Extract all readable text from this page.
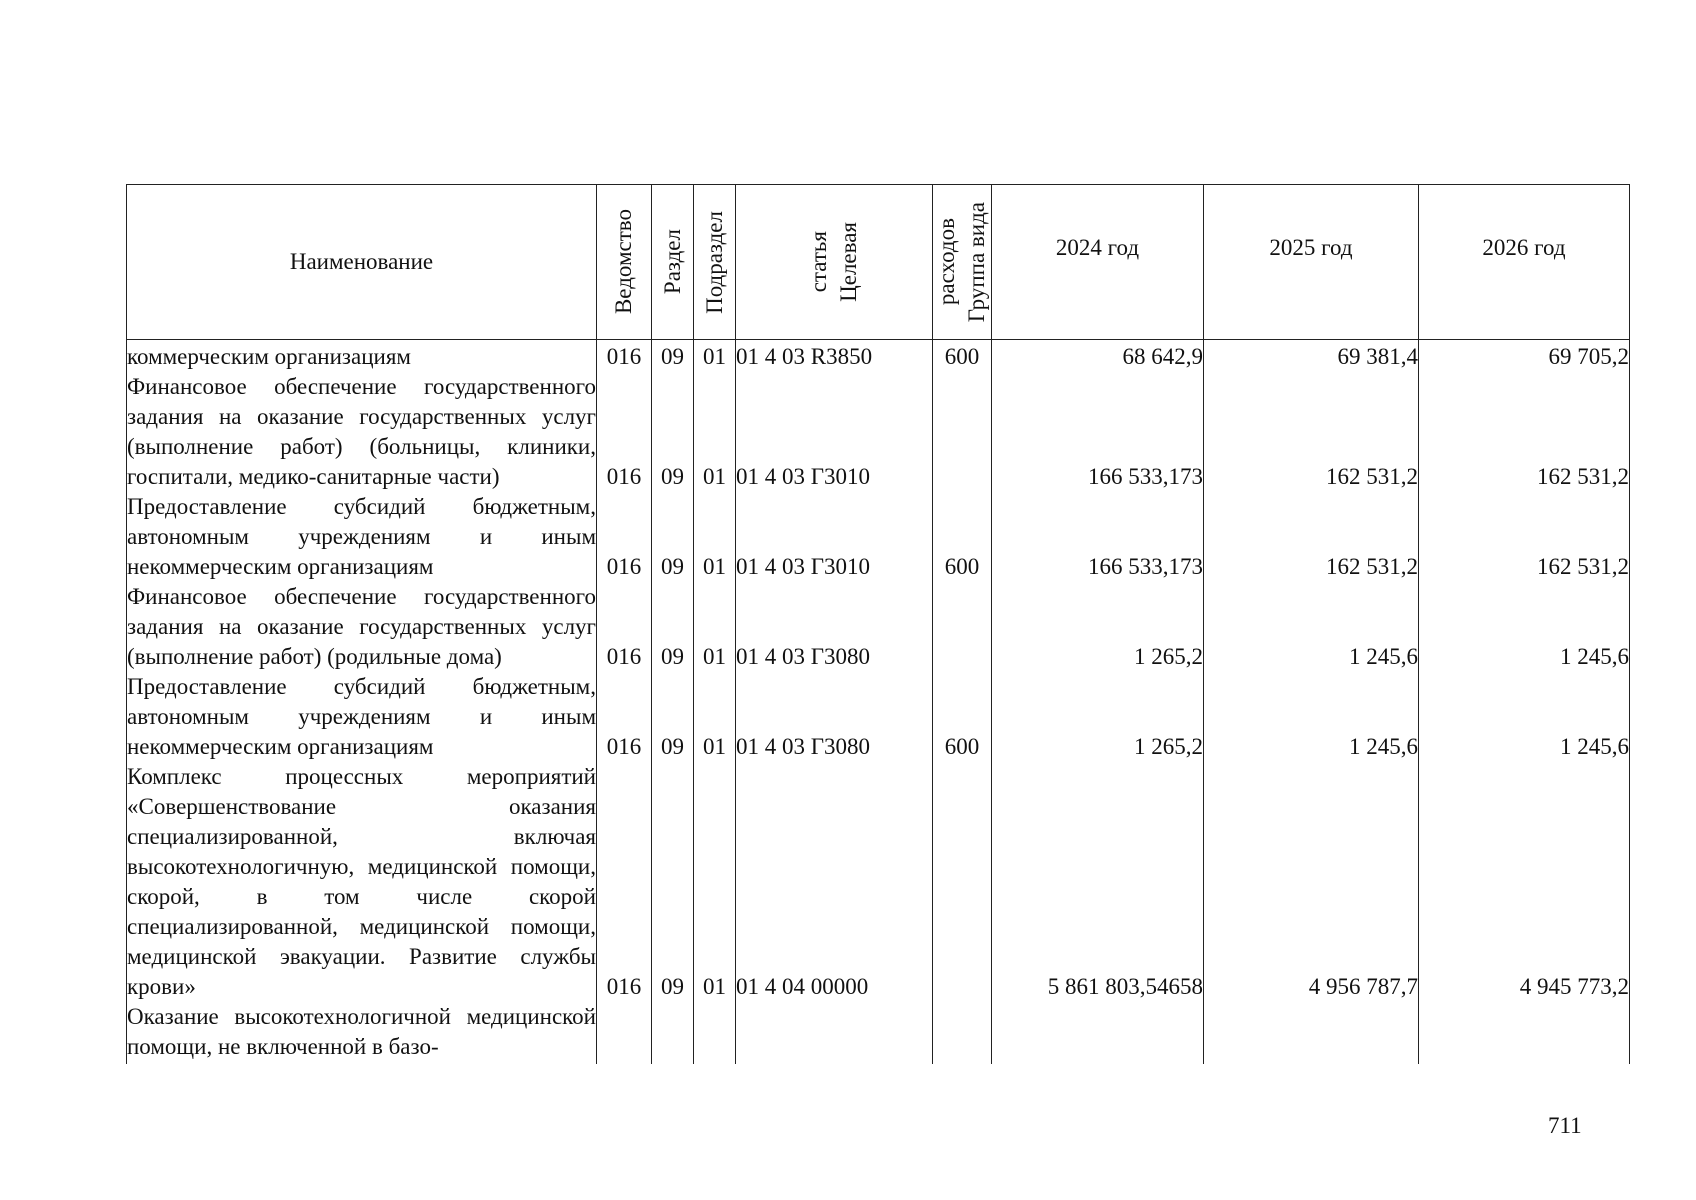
Наименование	Ведомство	Раздел	Подраздел	статья Целевая	расходов Группа вида	2024 год	2025 год	2026 год
коммерческим организациям	016	09	01	01 4 03 R3850	600	68 642,9	69 381,4	69 705,2
Финансовое обеспечение государственного задания на оказание государственных услуг (выполнение работ) (больницы, клиники, госпитали, медико-санитарные части)	016	09	01	01 4 03 Г3010		166 533,173	162 531,2	162 531,2
Предоставление субсидий бюджетным, автономным учреждениям и иным некоммерческим организациям	016	09	01	01 4 03 Г3010	600	166 533,173	162 531,2	162 531,2
Финансовое обеспечение государственного задания на оказание государственных услуг (выполнение работ) (родильные дома)	016	09	01	01 4 03 Г3080		1 265,2	1 245,6	1 245,6
Предоставление субсидий бюджетным, автономным учреждениям и иным некоммерческим организациям	016	09	01	01 4 03 Г3080	600	1 265,2	1 245,6	1 245,6
Комплекс процессных мероприятий «Совершенствование оказания специализированной, включая высокотехнологичную, медицинской помощи, скорой, в том числе скорой специализированной, медицинской помощи, медицинской эвакуации. Развитие службы крови»	016	09	01	01 4 04 00000		5 861 803,54658	4 956 787,7	4 945 773,2
Оказание высокотехнологичной медицинской помощи, не включенной в базо-								
711
